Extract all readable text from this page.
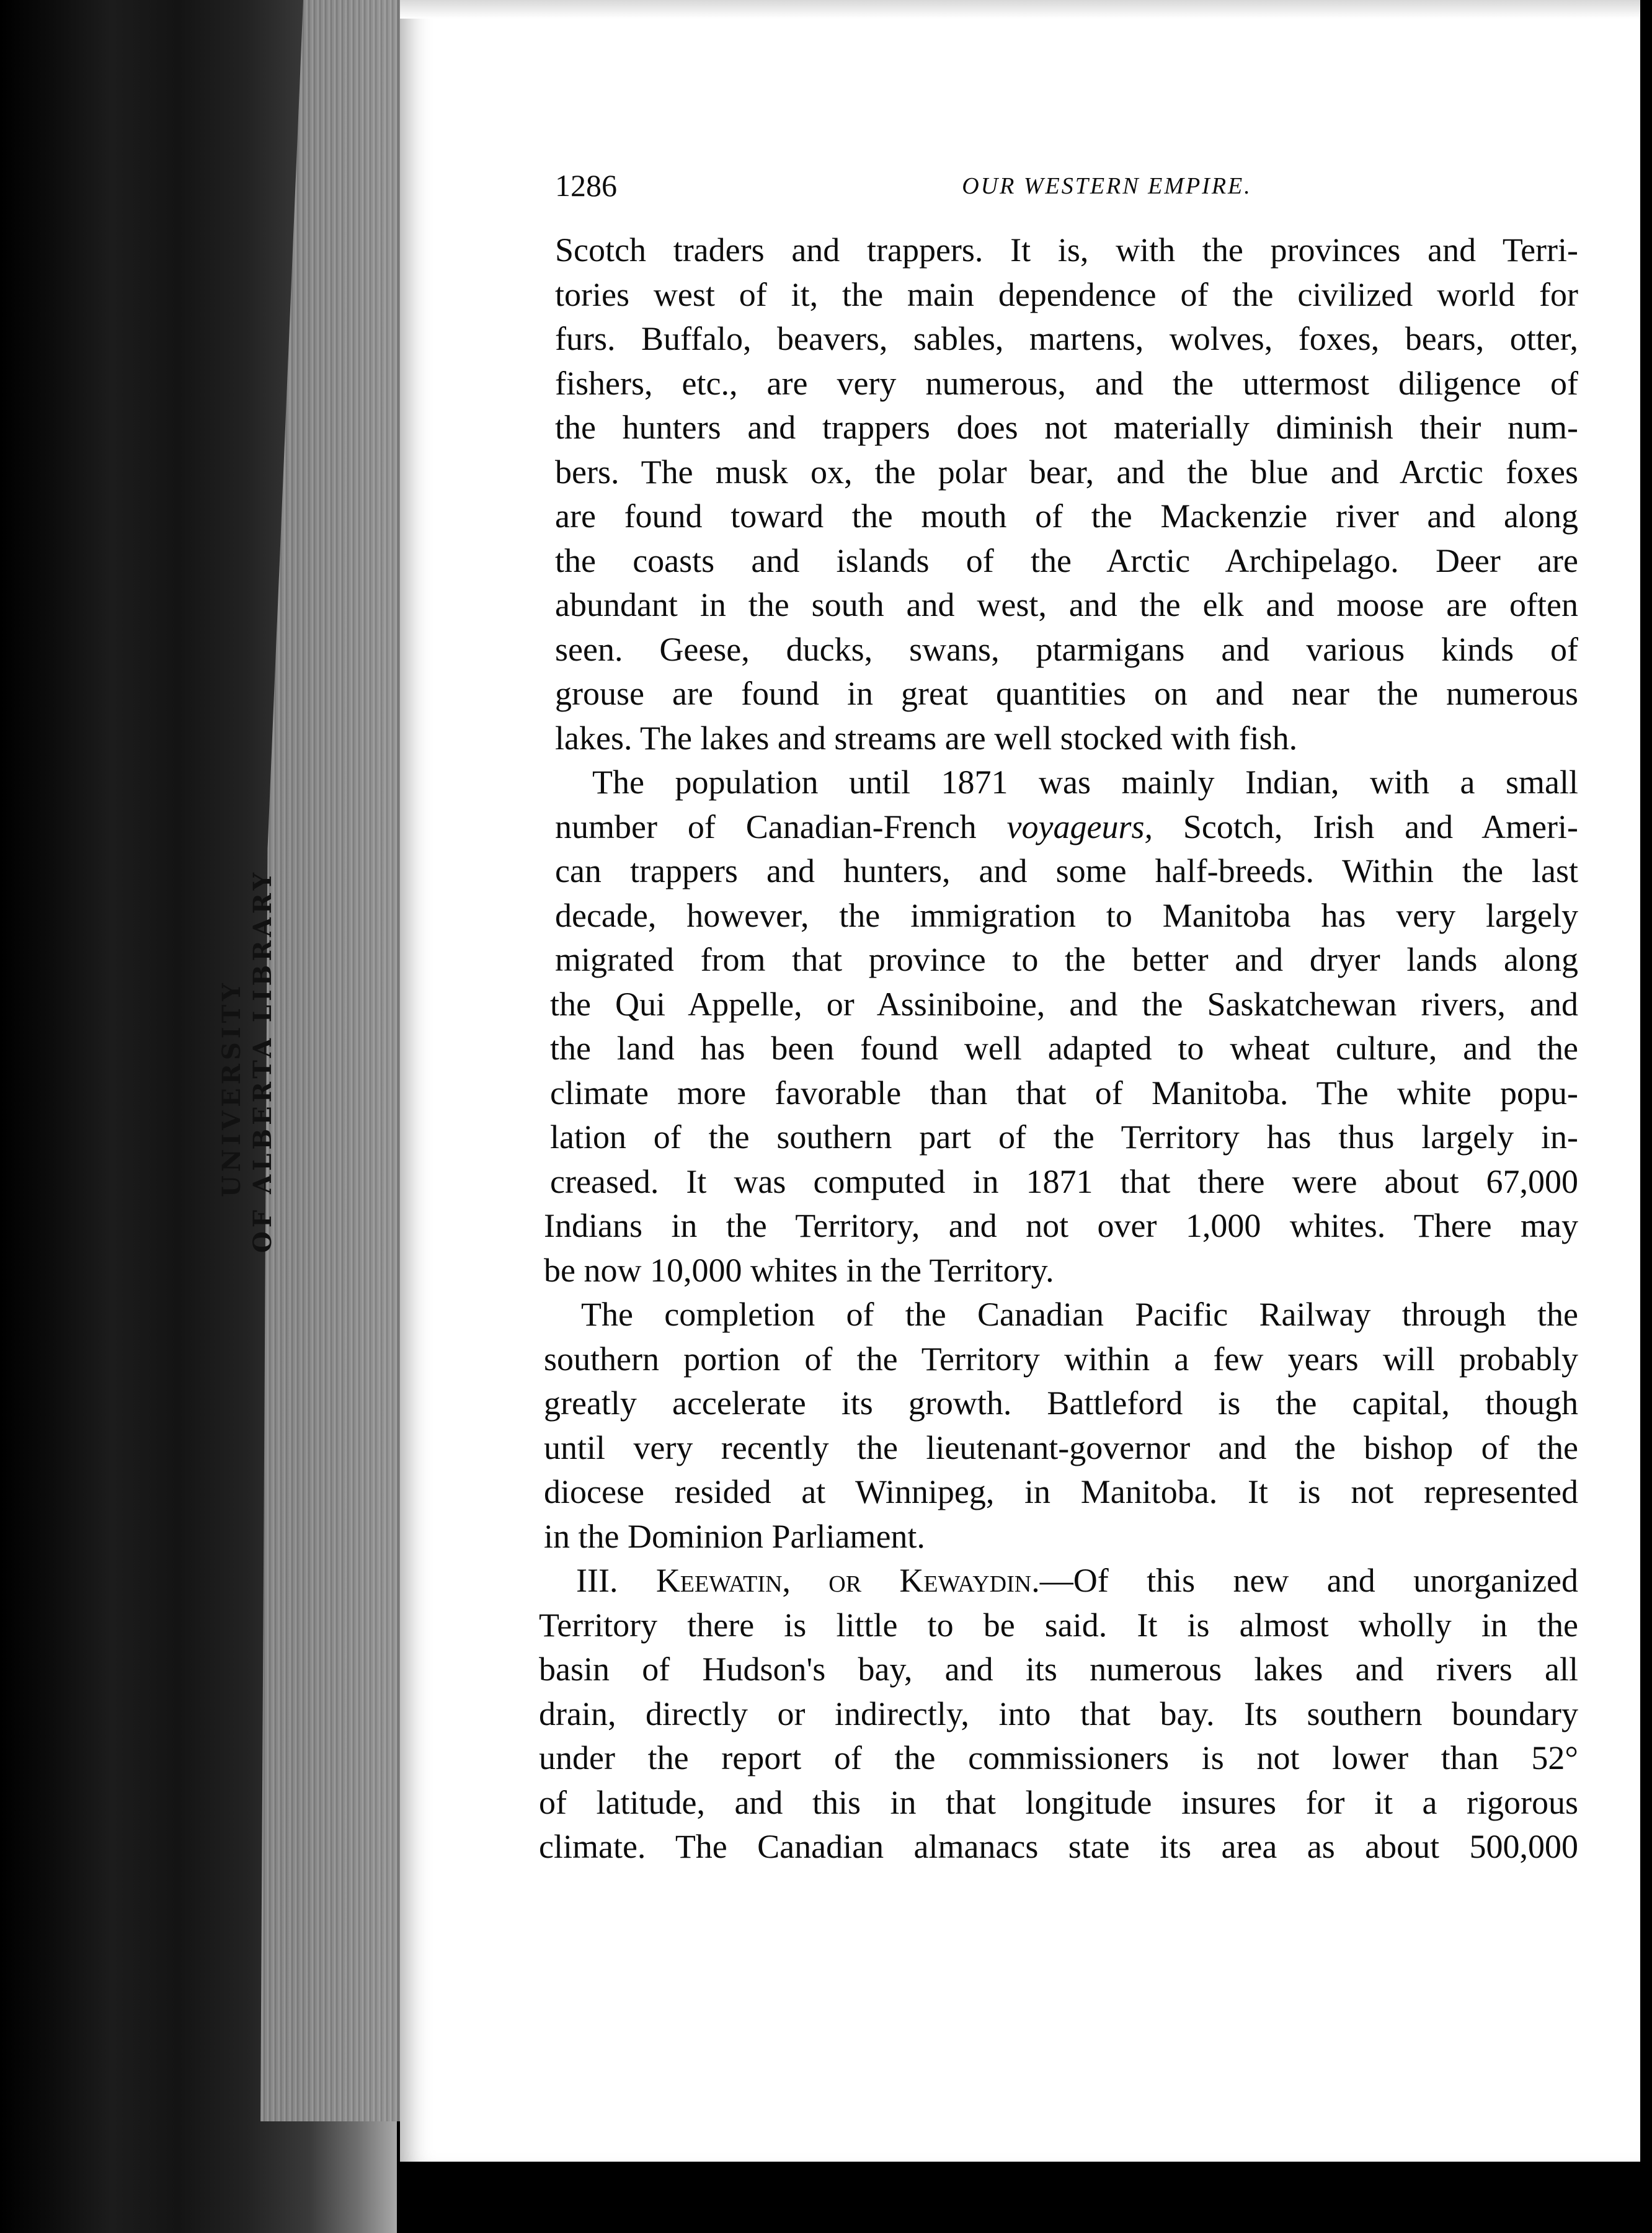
UNIVERSITY OF ALBERTA LIBRARY
1286	OUR WESTERN EMPIRE.
Scotch traders and trappers. It is, with the provinces and Terri-
tories west of it, the main dependence of the civilized world for
furs. Buffalo, beavers, sables, martens, wolves, foxes, bears, otter,
fishers, etc., are very numerous, and the uttermost diligence of
the hunters and trappers does not materially diminish their num-
bers. The musk ox, the polar bear, and the blue and Arctic foxes
are found toward the mouth of the Mackenzie river and along
the coasts and islands of the Arctic Archipelago. Deer are
abundant in the south and west, and the elk and moose are often
seen. Geese, ducks, swans, ptarmigans and various kinds of
grouse are found in great quantities on and near the numerous
lakes. The lakes and streams are well stocked with fish.
The population until 1871 was mainly Indian, with a small
number of Canadian-French voyageurs, Scotch, Irish and Ameri-
can trappers and hunters, and some half-breeds. Within the last
decade, however, the immigration to Manitoba has very largely
migrated from that province to the better and dryer lands along
the Qui Appelle, or Assiniboine, and the Saskatchewan rivers, and
the land has been found well adapted to wheat culture, and the
climate more favorable than that of Manitoba. The white popu-
lation of the southern part of the Territory has thus largely in-
creased. It was computed in 1871 that there were about 67,000
Indians in the Territory, and not over 1,000 whites. There may
be now 10,000 whites in the Territory.
The completion of the Canadian Pacific Railway through the
southern portion of the Territory within a few years will probably
greatly accelerate its growth. Battleford is the capital, though
until very recently the lieutenant-governor and the bishop of the
diocese resided at Winnipeg, in Manitoba. It is not represented
in the Dominion Parliament.
III. Keewatin, or Kewaydin.—Of this new and unorganized
Territory there is little to be said. It is almost wholly in the
basin of Hudson's bay, and its numerous lakes and rivers all
drain, directly or indirectly, into that bay. Its southern boundary
under the report of the commissioners is not lower than 52°
of latitude, and this in that longitude insures for it a rigorous
climate. The Canadian almanacs state its area as about 500,000
